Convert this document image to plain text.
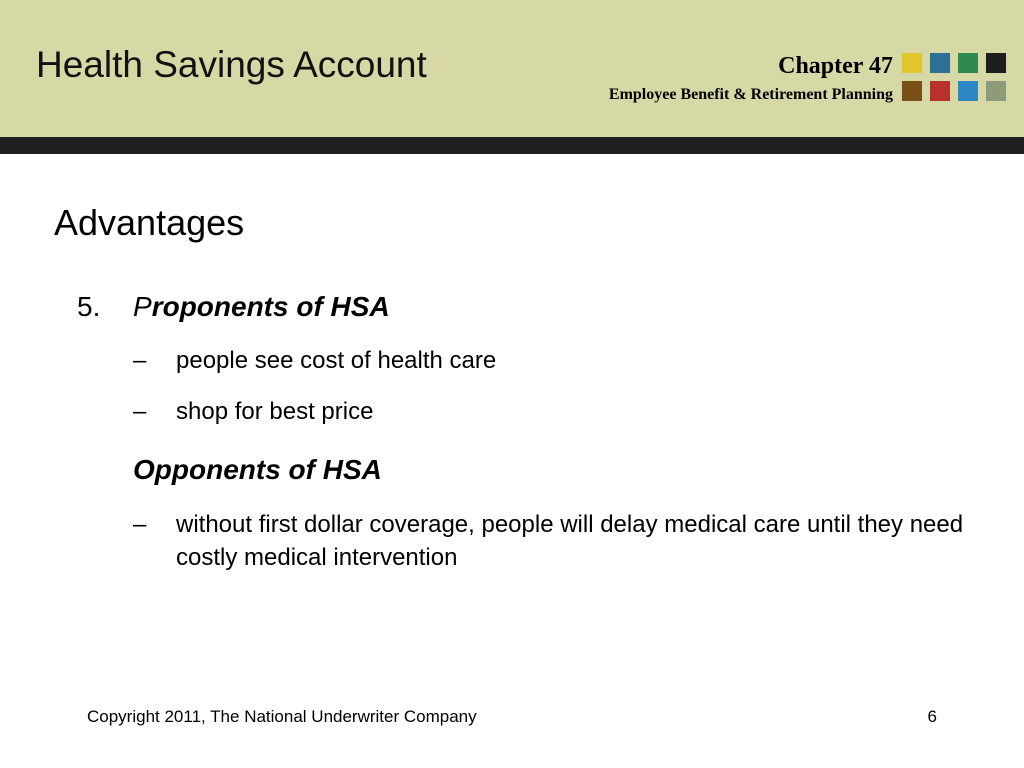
Health Savings Account	Chapter 47
Employee Benefit & Retirement Planning
Advantages
5. Proponents of HSA
– people see cost of health care
– shop for best price
Opponents of HSA
– without first dollar coverage, people will delay medical care until they need costly medical intervention
Copyright 2011, The National Underwriter Company	6
